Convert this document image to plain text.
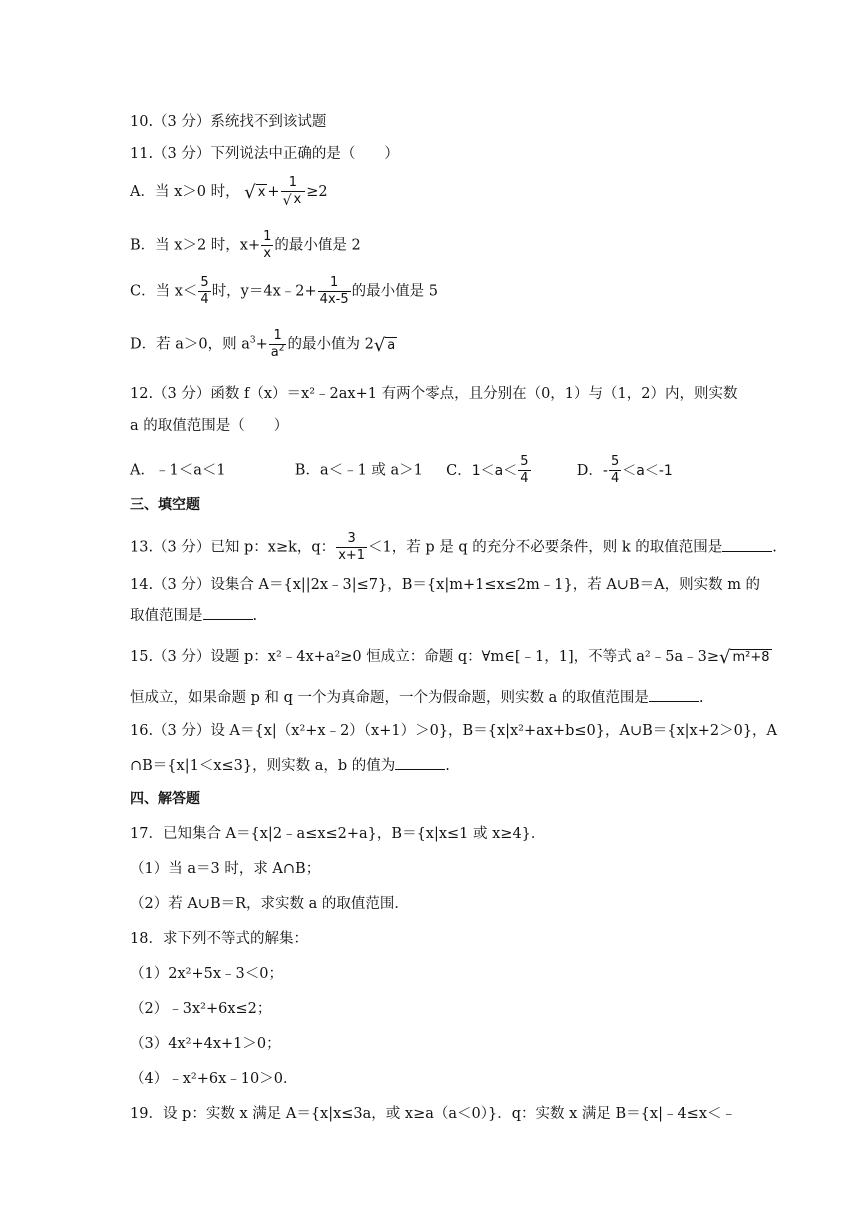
10.（3 分）系统找不到该试题
11.（3 分）下列说法中正确的是（　　）
A．当 x＞0 时， √ $x + \frac{1}{√ x} \ge 2$
B．当 x＞2 时，$x+ \frac{1}{x}$ 的最小值是 2
C．当 $x< \frac{5}{4}$ 时，y＝4x﹣2+ $\frac{1}{4x-5}$ 的最小值是 5
D．若 a＞0，则 $a^3+ \frac{1}{a^2}$ 的最小值为 2√ a
12.（3 分）函数 f（x）＝x²﹣2ax+1 有两个零点，且分别在（0，1）与（1，2）内，则实数
a 的取值范围是（　　）
A．﹣1＜a＜1	B．a＜﹣1 或 a＞1 C．$1<a< \frac{5}{4}$	D．- $\frac{5}{4} <a<-1$
三、填空题
13.（3 分）已知 p：x≥k，q： $\frac{3}{x+1} <1$，若 p 是 q 的充分不必要条件，则 k 的取值范围是	.
14.（3 分）设集合 A＝{x||2x﹣3|≤7}，B＝{x|m+1≤x≤2m﹣1}，若 A∪B＝A，则实数 m 的
取值范围是	.
15.（3 分）设题 p：x²﹣4x+a²≥0 恒成立：命题 q：∀m∈[﹣1，1]，不等式 a²﹣5a﹣3≥√ m²+8
恒成立，如果命题 p 和 q 一个为真命题，一个为假命题，则实数 a 的取值范围是	.
16.（3 分）设 A＝{x|（x²+x﹣2）（x+1）＞0}，B＝{x|x²+ax+b≤0}，A∪B＝{x|x+2＞0}，A
∩B＝{x|1＜x≤3}，则实数 a，b 的值为	.
四、解答题
17．已知集合 A＝{x|2﹣a≤x≤2+a}，B＝{x|x≤1 或 x≥4}．
（1）当 a＝3 时，求 A∩B；
（2）若 A∪B＝R，求实数 a 的取值范围．
18．求下列不等式的解集：
（1）2x²+5x﹣3＜0；
（2）﹣3x²+6x≤2；
（3）4x²+4x+1＞0；
（4）﹣x²+6x﹣10＞0．
19．设 p：实数 x 满足 A＝{x|x≤3a，或 x≥a（a＜0）}．q：实数 x 满足 B＝{x|﹣4≤x＜﹣
